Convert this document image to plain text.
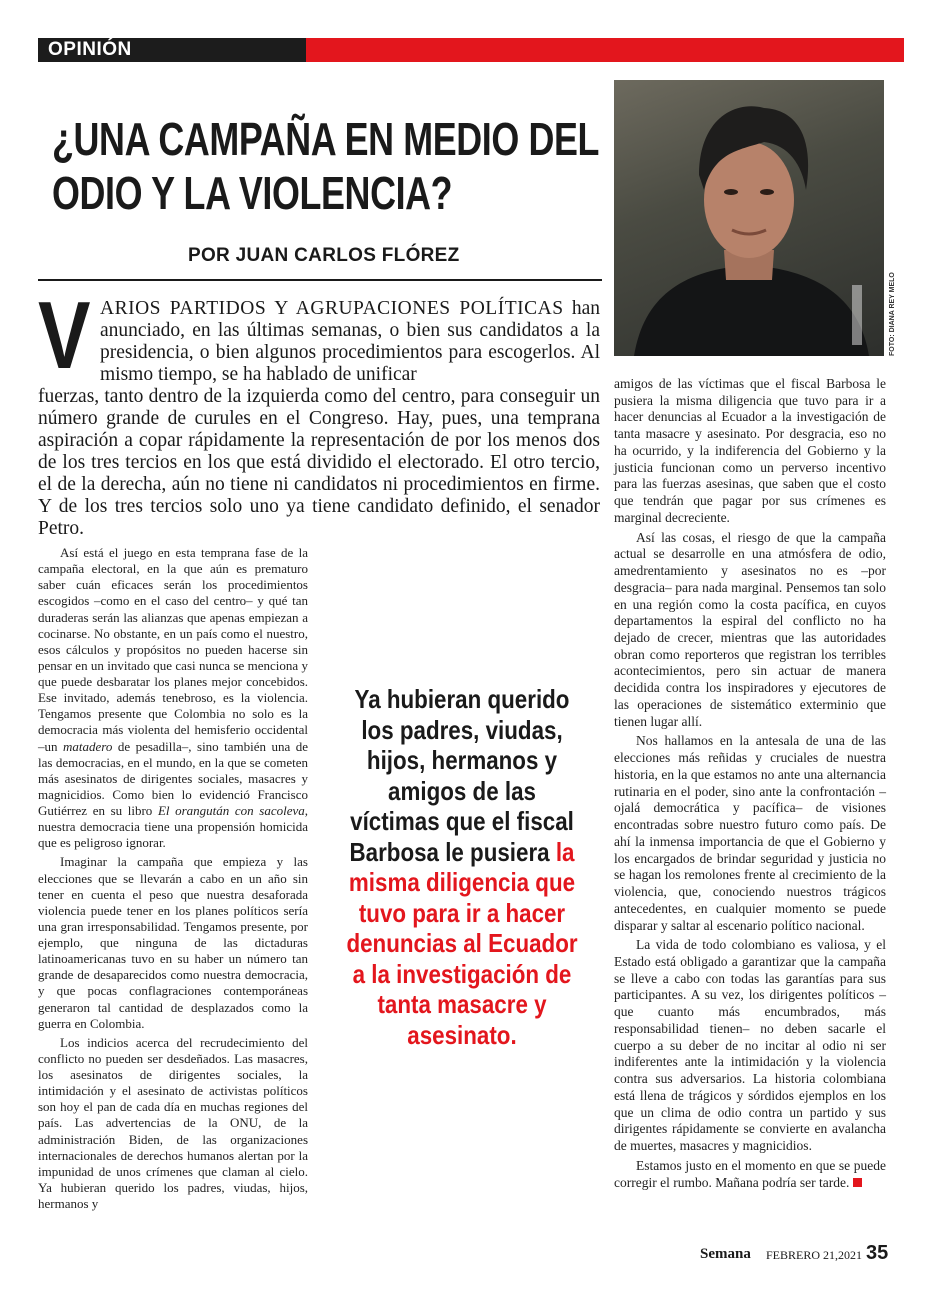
OPINIÓN
¿UNA CAMPAÑA EN MEDIO DEL ODIO Y LA VIOLENCIA?
POR JUAN CARLOS FLÓREZ
FOTO: DIANA REY MELO
V ARIOS PARTIDOS Y AGRUPACIONES POLÍTICAS han anunciado, en las últimas semanas, o bien sus candidatos a la presidencia, o bien algunos procedimientos para escogerlos. Al mismo tiempo, se ha hablado de unificar

fuerzas, tanto dentro de la izquierda como del centro, para conseguir un número grande de curules en el Congreso. Hay, pues, una temprana aspiración a copar rápidamente la representación de por los menos dos de los tres tercios en los que está dividido el electorado. El otro tercio, el de la derecha, aún no tiene ni candidatos ni procedimientos en firme. Y de los tres tercios solo uno ya tiene candidato definido, el senador Petro.

Así está el juego en esta temprana fase de la campaña electoral, en la que aún es prematuro saber cuán eficaces serán los procedimientos escogidos –como en el caso del centro– y qué tan duraderas serán las alianzas que apenas empiezan a cocinarse. No obstante, en un país como el nuestro, esos cálculos y propósitos no pueden hacerse sin pensar en un invitado que casi nunca se menciona y que puede desbaratar los planes mejor concebidos. Ese invitado, además tenebroso, es la violencia. Tengamos presente que Colombia no solo es la democracia más violenta del hemisferio occidental –un matadero de pesadilla–, sino también una de las democracias, en el mundo, en la que se cometen más asesinatos de dirigentes sociales, masacres y magnicidios. Como bien lo evidenció Francisco Gutiérrez en su libro El orangután con sacoleva, nuestra democracia tiene una propensión homicida que es peligroso ignorar.

Imaginar la campaña que empieza y las elecciones que se llevarán a cabo en un año sin tener en cuenta el peso que nuestra desaforada violencia puede tener en los planes políticos sería una gran irresponsabilidad. Tengamos presente, por ejemplo, que ninguna de las dictaduras latinoamericanas tuvo en su haber un número tan grande de desaparecidos como nuestra democracia, y que pocas conflagraciones contemporáneas generaron tal cantidad de desplazados como la guerra en Colombia.

Los indicios acerca del recrudecimiento del conflicto no pueden ser desdeñados. Las masacres, los asesinatos de dirigentes sociales, la intimidación y el asesinato de activistas políticos son hoy el pan de cada día en muchas regiones del país. Las advertencias de la ONU, de la administración Biden, de las organizaciones internacionales de derechos humanos alertan por la impunidad de unos crímenes que claman al cielo. Ya hubieran querido los padres, viudas, hijos, hermanos y

Ya hubieran querido los padres, viudas, hijos, hermanos y amigos de las víctimas que el fiscal Barbosa le pusiera la misma diligencia que tuvo para ir a hacer denuncias al Ecuador a la investigación de tanta masacre y asesinato.

amigos de las víctimas que el fiscal Barbosa le pusiera la misma diligencia que tuvo para ir a hacer denuncias al Ecuador a la investigación de tanta masacre y asesinato. Por desgracia, eso no ha ocurrido, y la indiferencia del Gobierno y la justicia funcionan como un perverso incentivo para las fuerzas asesinas, que saben que el costo que tendrán que pagar por sus crímenes es marginal decreciente.

Así las cosas, el riesgo de que la campaña actual se desarrolle en una atmósfera de odio, amedrentamiento y asesinatos no es –por desgracia– para nada marginal. Pensemos tan solo en una región como la costa pacífica, en cuyos departamentos la espiral del conflicto no ha dejado de crecer, mientras que las autoridades obran como reporteros que registran los terribles acontecimientos, pero sin actuar de manera decidida contra los inspiradores y ejecutores de las operaciones de sistemático exterminio que tienen lugar allí.

Nos hallamos en la antesala de una de las elecciones más reñidas y cruciales de nuestra historia, en la que estamos no ante una alternancia rutinaria en el poder, sino ante la confrontación –ojalá democrática y pacífica– de visiones encontradas sobre nuestro futuro como país. De ahí la inmensa importancia de que el Gobierno y los encargados de brindar seguridad y justicia no se hagan los remolones frente al crecimiento de la violencia, que, conociendo nuestros trágicos antecedentes, en cualquier momento se puede disparar y saltar al escenario político nacional.

La vida de todo colombiano es valiosa, y el Estado está obligado a garantizar que la campaña se lleve a cabo con todas las garantías para sus participantes. A su vez, los dirigentes políticos –que cuanto más encumbrados, más responsabilidad tienen– no deben sacarle el cuerpo a su deber de no incitar al odio ni ser indiferentes ante la intimidación y la violencia contra sus adversarios. La historia colombiana está llena de trágicos y sórdidos ejemplos en los que un clima de odio contra un partido y sus dirigentes rápidamente se convierte en avalancha de muertes, masacres y magnicidios.

Estamos justo en el momento en que se puede corregir el rumbo. Mañana podría ser tarde.

Semana FEBRERO 21,2021 35
